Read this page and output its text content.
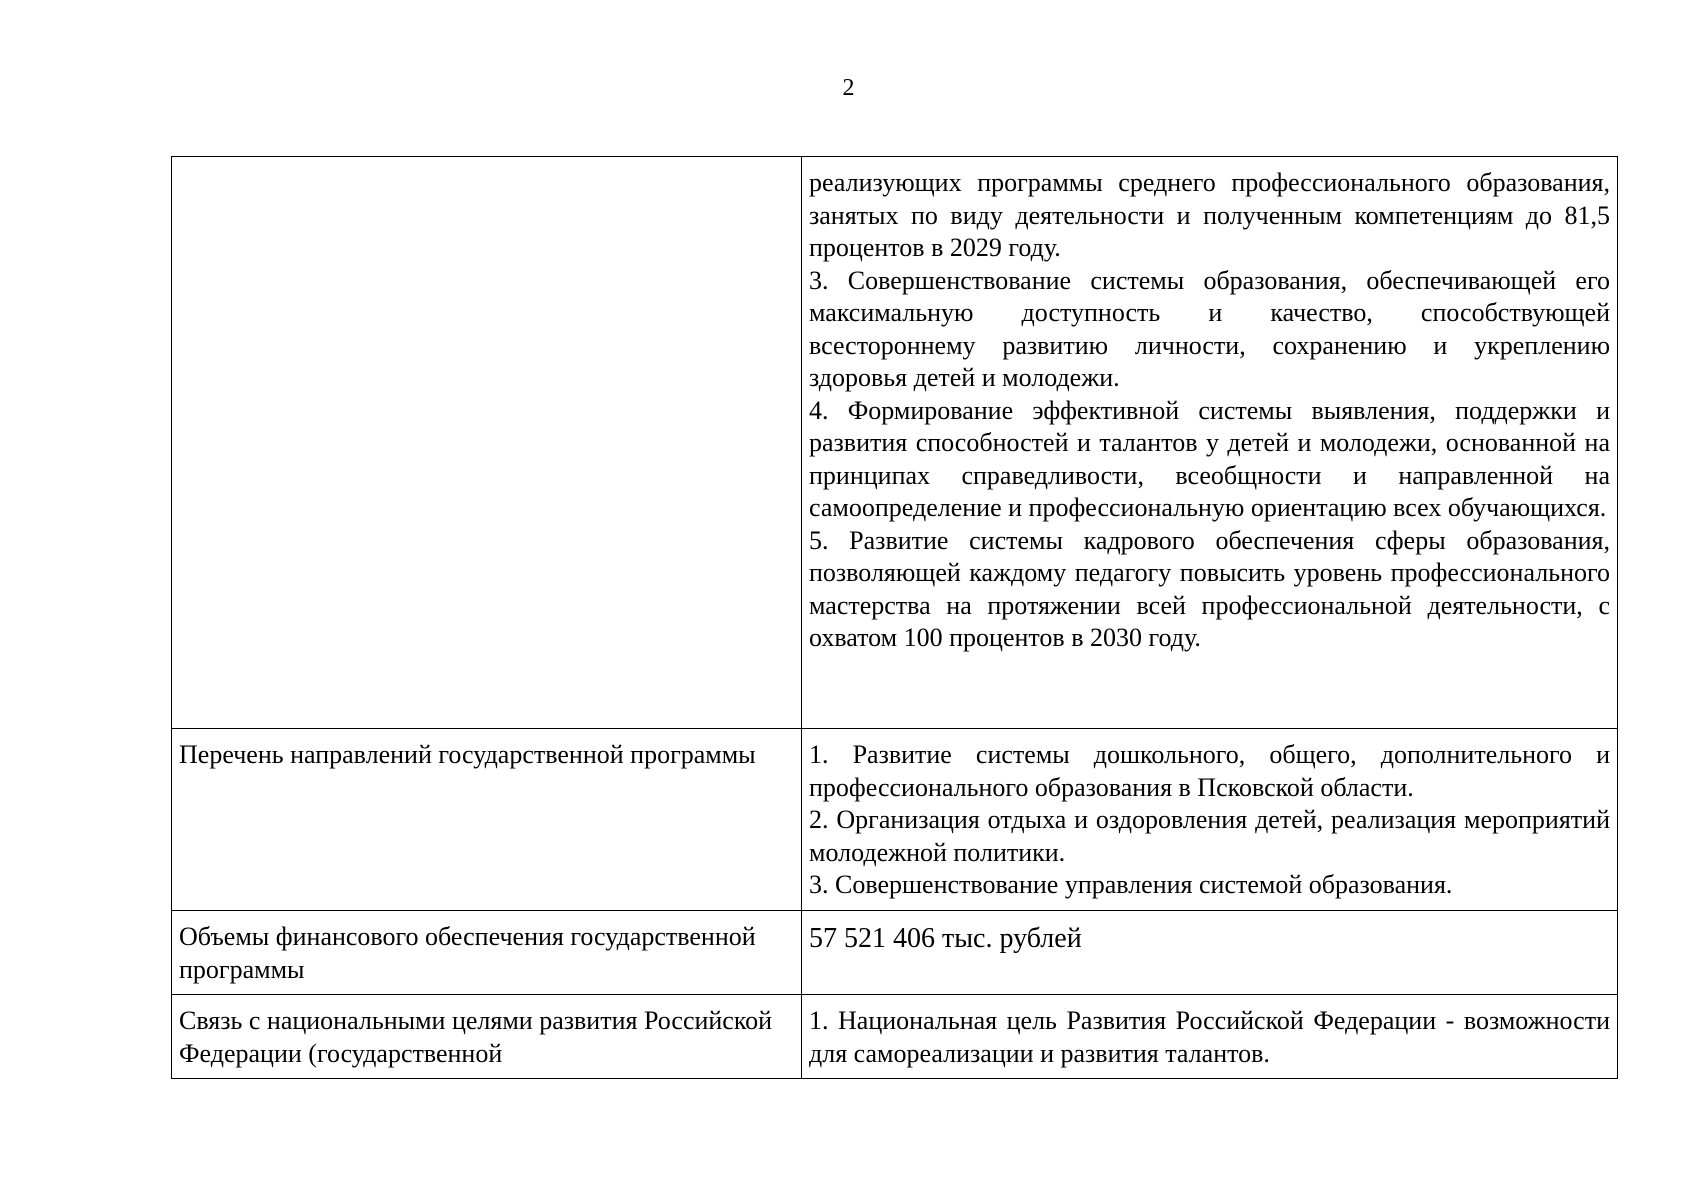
2

	реализующих программы среднего профессионального образования, занятых по виду деятельности и полученным компетенциям до 81,5 процентов в 2029 году.

3. Совершенствование системы образования, обеспечивающей его максимальную доступность и качество, способствующей всестороннему развитию личности, сохранению и укреплению здоровья детей и молодежи.

4. Формирование эффективной системы выявления, поддержки и развития способностей и талантов у детей и молодежи, основанной на принципах справедливости, всеобщности и направленной на самоопределение и профессиональную ориентацию всех обучающихся.

5. Развитие системы кадрового обеспечения сферы образования, позволяющей каждому педагогу повысить уровень профессионального мастерства на протяжении всей профессиональной деятельности, с охватом 100 процентов в 2030 году.

Перечень направлений государственной программы	1. Развитие системы дошкольного, общего, дополнительного и профессионального образования в Псковской области.

2. Организация отдыха и оздоровления детей, реализация мероприятий молодежной политики.

3. Совершенствование управления системой образования.

Объемы финансового обеспечения государственной программы	57 521 406 тыс. рублей

Связь с национальными целями развития Российской Федерации (государственной	1. Национальная цель Развития Российской Федерации - возможности для самореализации и развития талантов.
